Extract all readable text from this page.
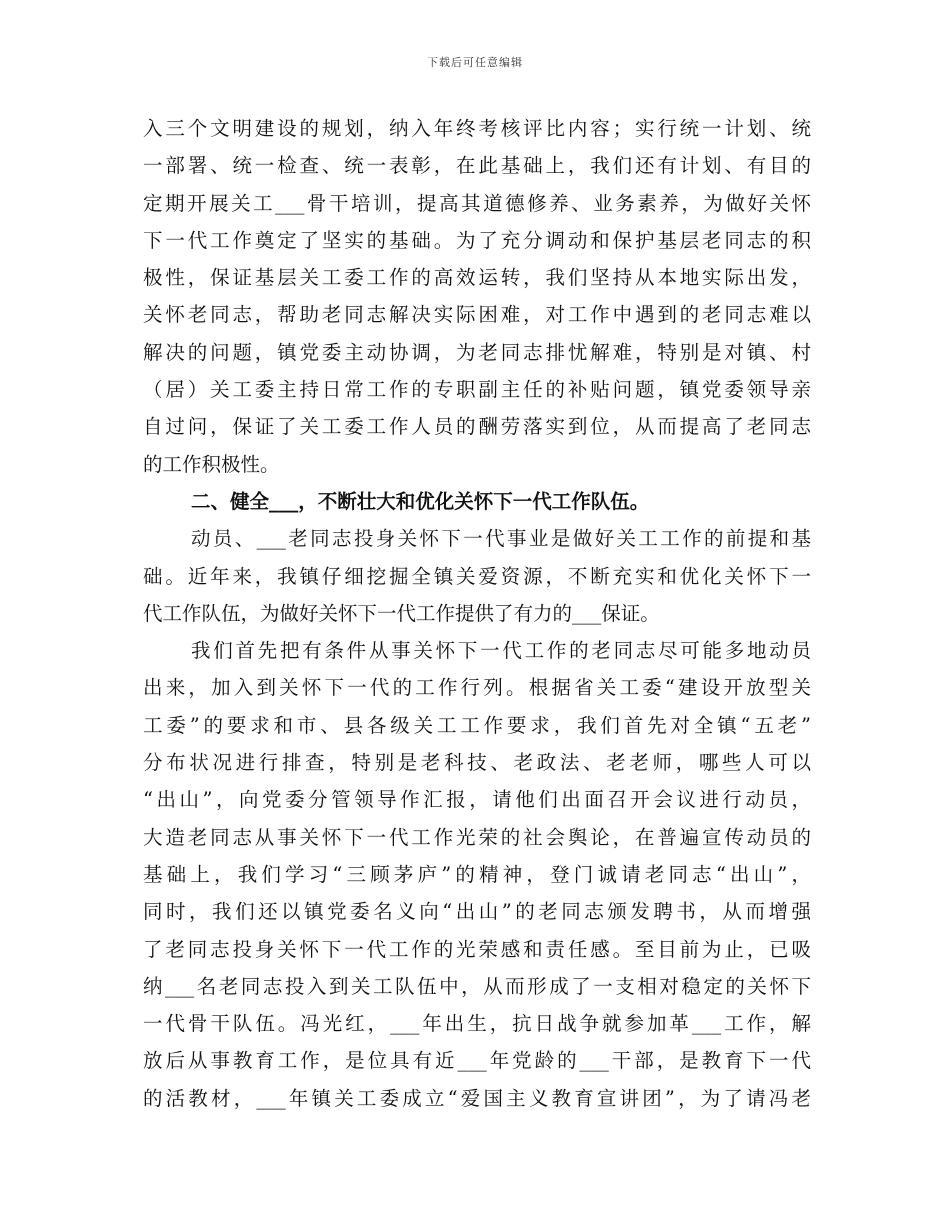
下载后可任意编辑
入三个文明建设的规划，纳入年终考核评比内容；实行统一计划、统
一部署、统一检查、统一表彰，在此基础上，我们还有计划、有目的
定期开展关工___骨干培训，提高其道德修养、业务素养，为做好关怀
下一代工作奠定了坚实的基础。为了充分调动和保护基层老同志的积
极性，保证基层关工委工作的高效运转，我们坚持从本地实际出发，
关怀老同志，帮助老同志解决实际困难，对工作中遇到的老同志难以
解决的问题，镇党委主动协调，为老同志排忧解难，特别是对镇、村
（居）关工委主持日常工作的专职副主任的补贴问题，镇党委领导亲
自过问，保证了关工委工作人员的酬劳落实到位，从而提高了老同志
的工作积极性。
二、健全___，不断壮大和优化关怀下一代工作队伍。
动员、___老同志投身关怀下一代事业是做好关工工作的前提和基
础。近年来，我镇仔细挖掘全镇关爱资源，不断充实和优化关怀下一
代工作队伍，为做好关怀下一代工作提供了有力的___保证。
我们首先把有条件从事关怀下一代工作的老同志尽可能多地动员
出来，加入到关怀下一代的工作行列。根据省关工委“建设开放型关
工委”的要求和市、县各级关工工作要求，我们首先对全镇“五老”
分布状况进行排查，特别是老科技、老政法、老老师，哪些人可以
“出山”，向党委分管领导作汇报，请他们出面召开会议进行动员，
大造老同志从事关怀下一代工作光荣的社会舆论，在普遍宣传动员的
基础上，我们学习“三顾茅庐”的精神，登门诚请老同志“出山”，
同时，我们还以镇党委名义向“出山”的老同志颁发聘书，从而增强
了老同志投身关怀下一代工作的光荣感和责任感。至目前为止，已吸
纳___名老同志投入到关工队伍中，从而形成了一支相对稳定的关怀下
一代骨干队伍。冯光红，___年出生，抗日战争就参加革___工作，解
放后从事教育工作，是位具有近___年党龄的___干部，是教育下一代
的活教材，___年镇关工委成立“爱国主义教育宣讲团”，为了请冯老
